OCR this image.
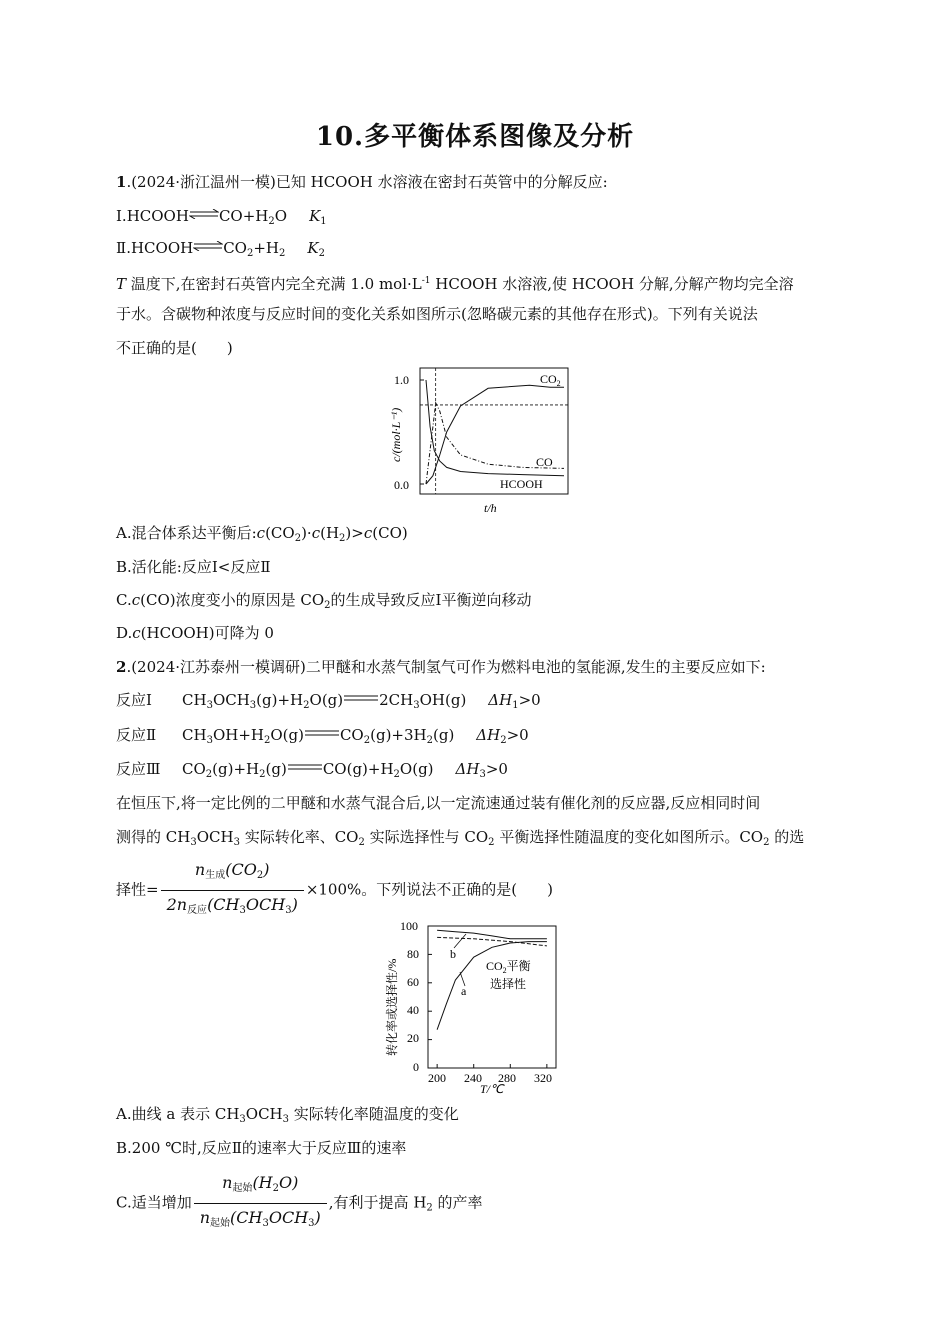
10.多平衡体系图像及分析
1.(2024·浙江温州一模)已知 HCOOH 水溶液在密封石英管中的分解反应:
$Ⅰ.HCOOH\rightleftharpoons CO+H_2O$ $K_1$
$Ⅱ.HCOOH\rightleftharpoons CO_2+H_2$ $K_2$
T 温度下,在密封石英管内完全充满 1.0 $mol\cdot L^{-1}$ HCOOH 水溶液,使 HCOOH 分解,分解产物均完全溶
于水。含碳物种浓度与反应时间的变化关系如图所示(忽略碳元素的其他存在形式)。下列有关说法
不正确的是(　　)
1.0
0.0
c/(mol·L⁻¹)
t/h
$CO_2$
CO
HCOOH
A.混合体系达平衡后$:c(CO_2)\cdot c(H_2)>c(CO)$
B.活化能:反应Ⅰ<反应Ⅱ
C.c(CO)浓度变小的原因是 $CO_2$的生成导致反应Ⅰ平衡逆向移动
D.c(HCOOH)可降为 0
2.(2024·江苏泰州一模调研)二甲醚和水蒸气制氢气可作为燃料电池的氢能源,发生的主要反应如下:
反应Ⅰ $CH_3OCH_3(g)+H_2O(g)$ $2CH_3OH(g)$ $\Delta H_1>0$
反应Ⅱ $CH_3OH+H_2O(g)$ $CO_2(g)+3H_2(g)$ $\Delta H_2>0$
反应Ⅲ $CO_2(g)+H_2(g)$ $CO(g)+H_2O(g)$ $\Delta H_3>0$
在恒压下,将一定比例的二甲醚和水蒸气混合后,以一定流速通过装有催化剂的反应器,反应相同时间
测得的 $CH_3OCH_3$ 实际转化率、$CO_2$ 实际选择性与 $CO_2$ 平衡选择性随温度的变化如图所示。$CO_2$ 的选
择性= $\frac{\text{n生成(CO2)}}{\text{2n反应(CH3OCH3)}} \times 100\%$。下列说法不正确的是(　　)
100
80
60
40
20
0
200 240 280 320
T/℃
转化率或选择性/%	a
b
$CO_2$平衡
选择性
A.曲线 a 表示 $CH_3OCH_3$ 实际转化率随温度的变化
B.200 ℃时,反应Ⅱ的速率大于反应Ⅲ的速率
C.适当增加 $\frac{\text{n起始(H2O)}}{\text{n起始(CH3OCH3)}}$ ,有利于提高 $H_2$ 的产率
